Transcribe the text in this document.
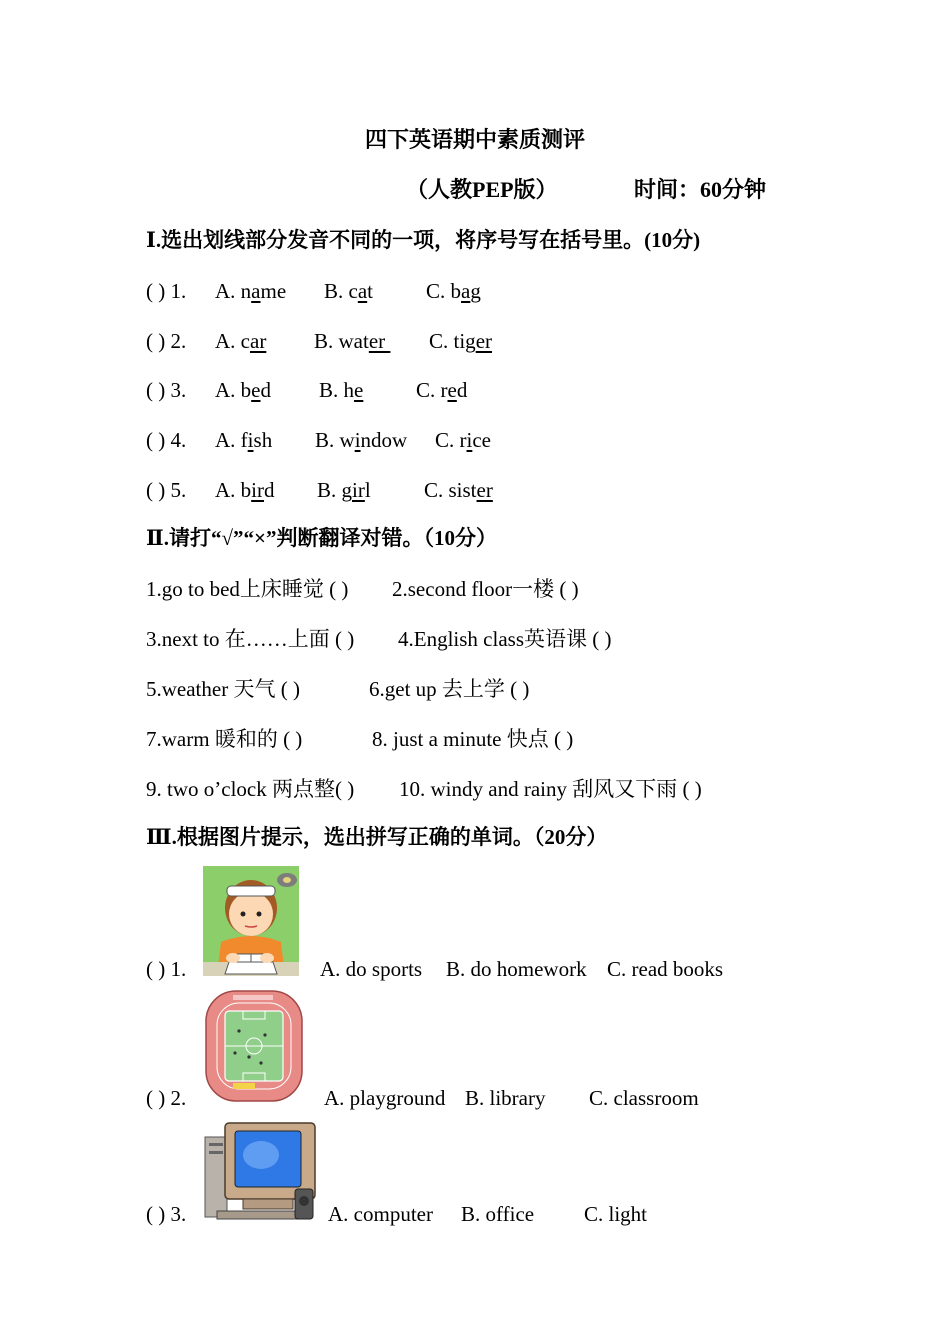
四下英语期中素质测评
（人教PEP版）	时间：60分钟
Ⅰ.选出划线部分发音不同的一项，将序号写在括号里。(10分)
( ) 1. A. name B. cat	C. bag
( ) 2. A. car B. water C. tiger
( ) 3. A. bed B. he	C. red
( ) 4. A. fish B. window C. rice
( ) 5. A. bird B. girl	C. sister
Ⅱ.请打“√”“×”判断翻译对错。（10分）
1.go to bed上床睡觉 ( ) 2.second floor一楼 ( )
3.next to 在……上面 ( ) 4.English class英语课 ( )
5.weather 天气 ( )	6.get up 去上学 ( )
7.warm 暖和的 ( )	8. just a minute 快点 ( )
9. two o’clock 两点整( ) 10. windy and rainy 刮风又下雨 ( )
Ⅲ.根据图片提示，选出拼写正确的单词。（20分）
( ) 1.	A. do sports B. do homework C. read books
( ) 2.	A. playground B. library C. classroom
( ) 3.	A. computer B. office C. light
